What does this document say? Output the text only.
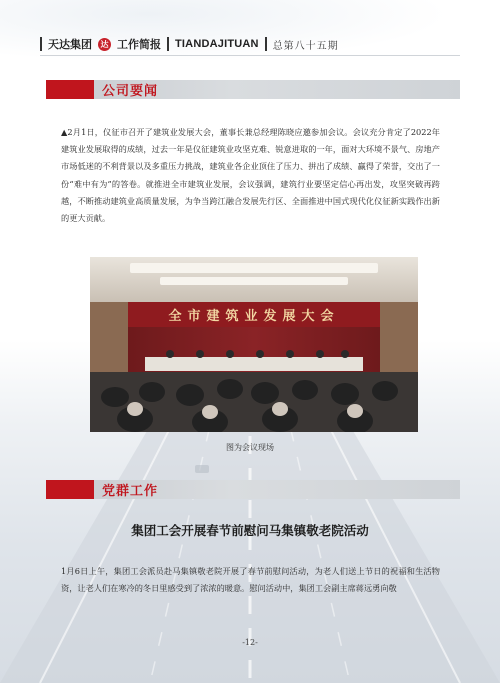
天达集团 达 工作简报 TIANDAJITUAN 总第八十五期
公司要闻

▲2月1日，仪征市召开了建筑业发展大会，董事长兼总经理陈晓应邀参加会议。会议充分肯定了2022年建筑业发展取得的成绩，过去一年是仪征建筑业攻坚克难、锐意进取的一年，面对大环境不景气、房地产市场低迷的不利背景以及多重压力挑战，建筑业各企业顶住了压力、拼出了成绩、赢得了荣誉，交出了一份“难中有为”的答卷。就推进全市建筑业发展，会议强调，建筑行业要坚定信心再出发，攻坚突破再跨越，不断推动建筑业高质量发展，为争当跨江融合发展先行区、全面推进中国式现代化仪征新实践作出新的更大贡献。

全市建筑业发展大会
图为会议现场
党群工作
集团工会开展春节前慰问马集镇敬老院活动

1月6日上午，集团工会派员赴马集镇敬老院开展了春节前慰问活动，为老人们送上节日的祝福和生活物资，让老人们在寒冷的冬日里感受到了浓浓的暖意。慰问活动中，集团工会副主席蒋远勇向敬

-12-
